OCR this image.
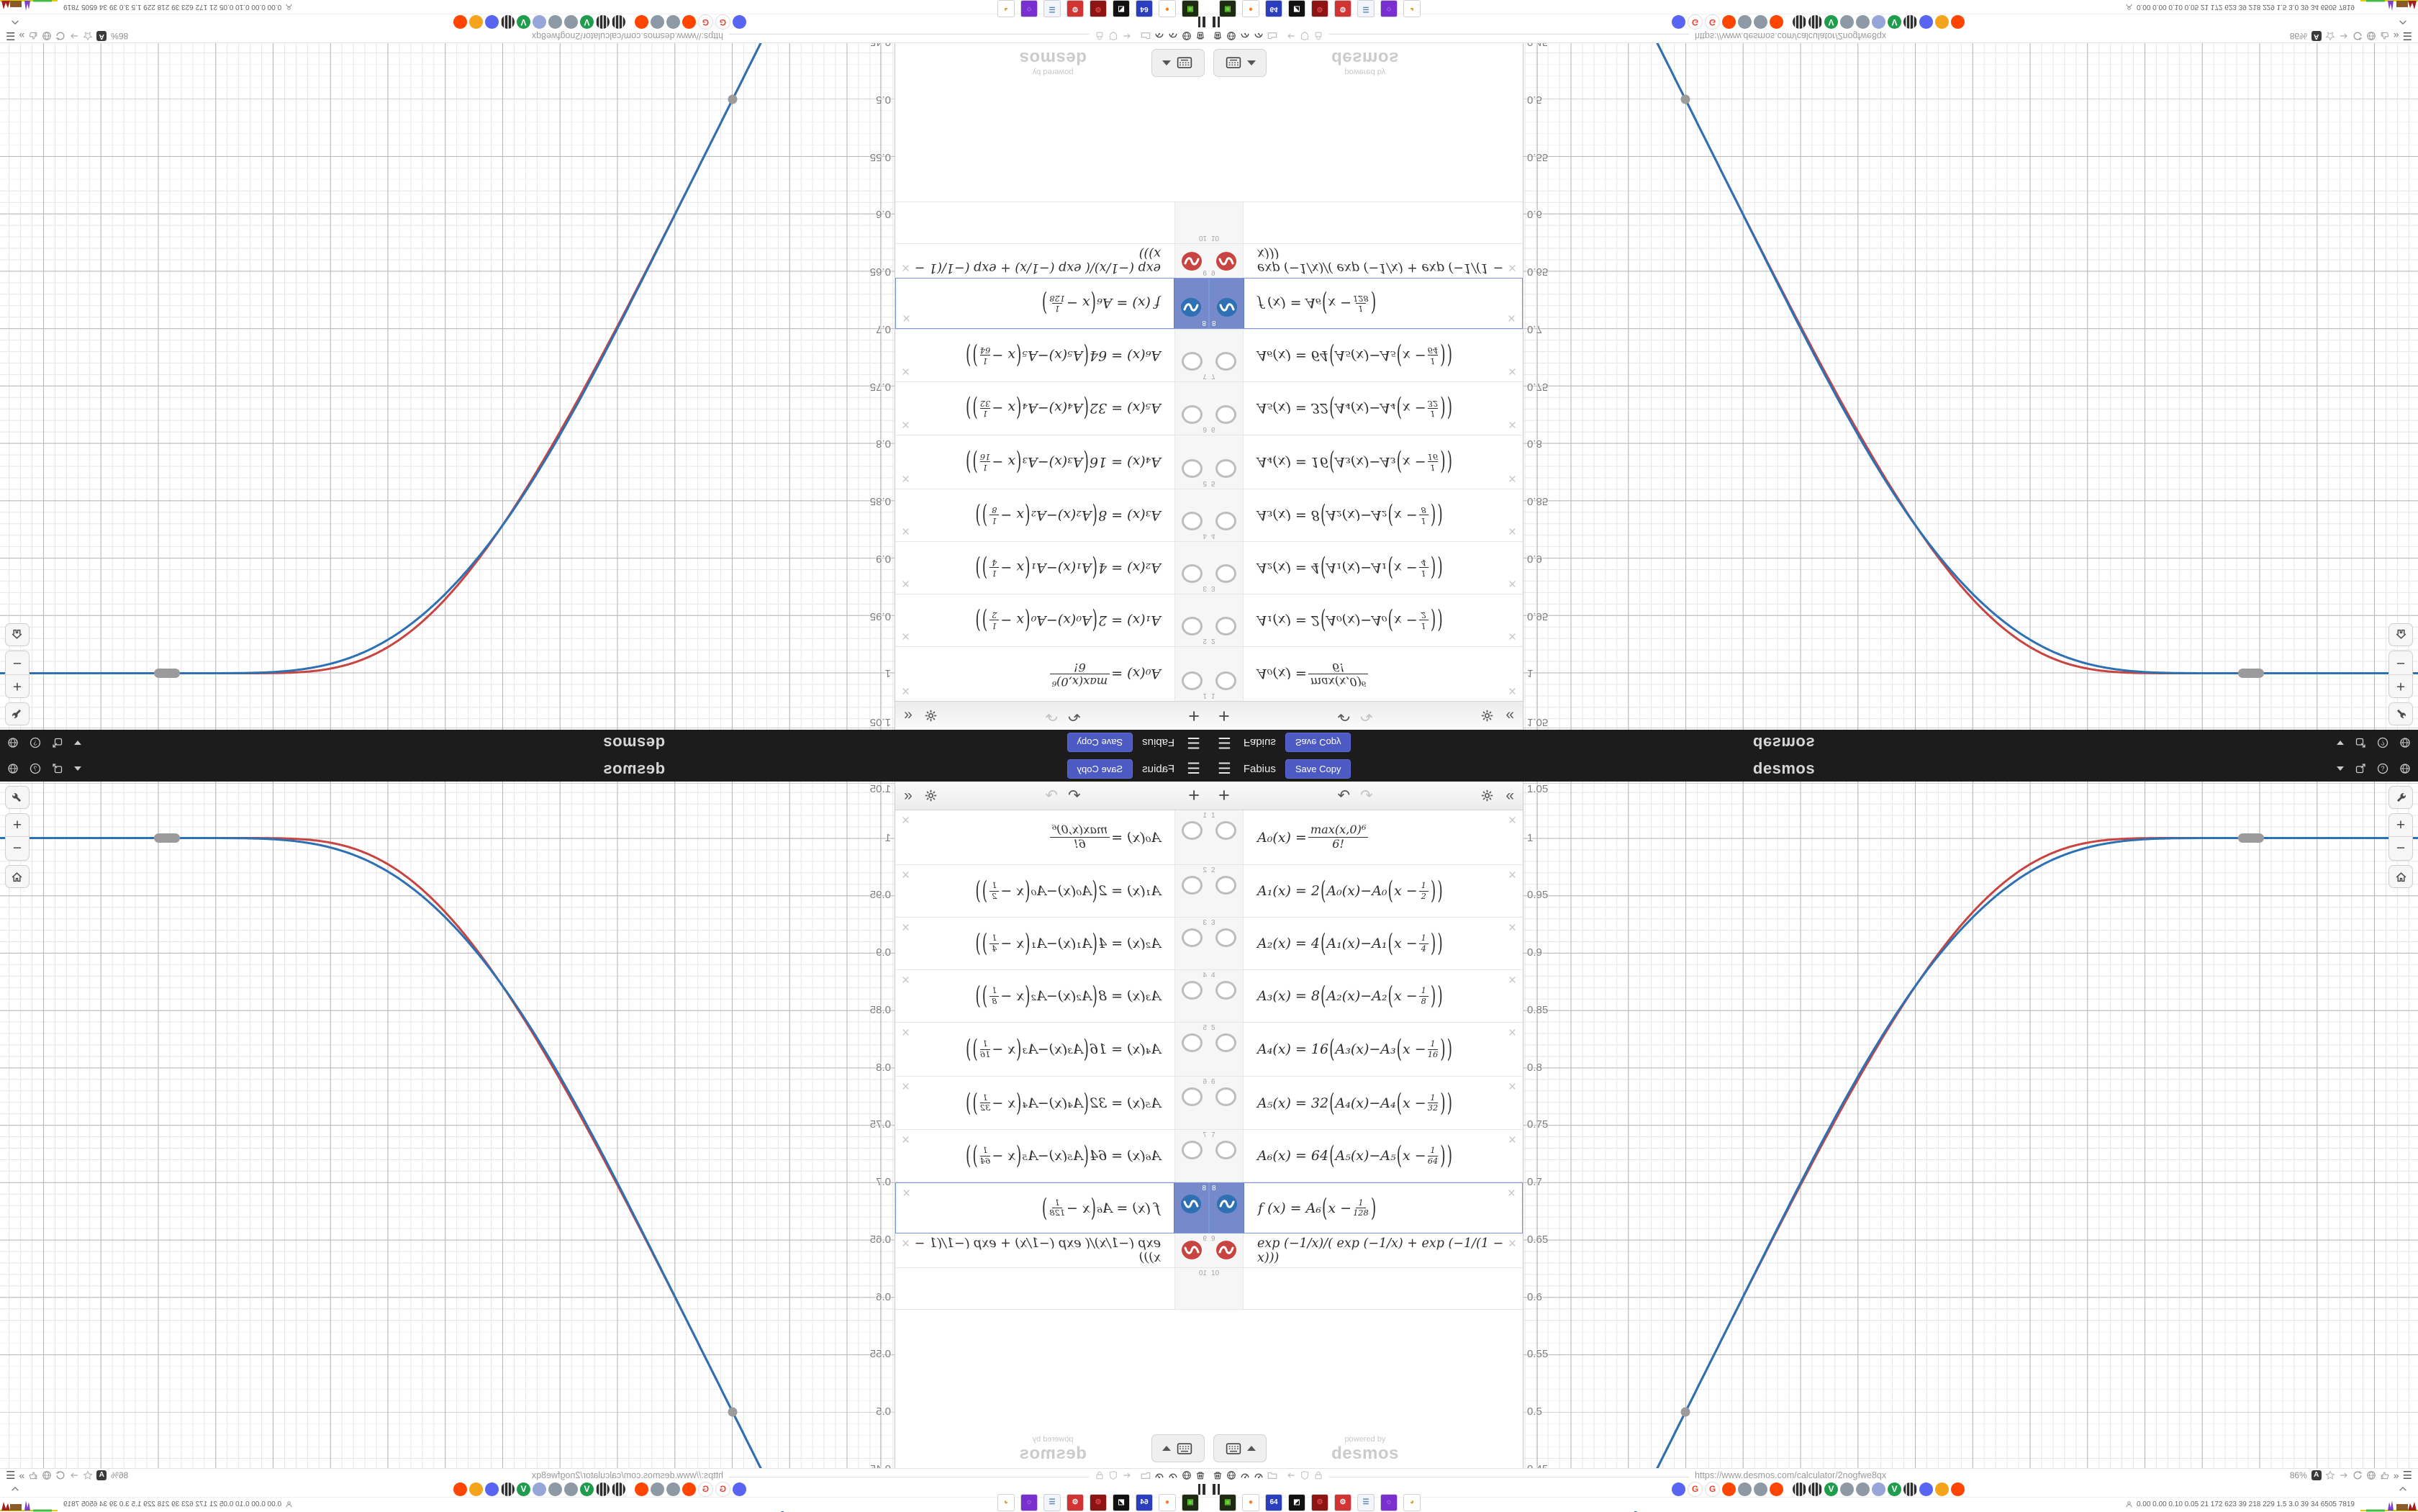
☰ Fabius	Save Copy	desmos	?
+	↶ ↷	«
1
A₀(x) = max(x,0)⁶
6!
×
2
A₁(x) = 2 ( A₀(x)−A₀ ( x − 1
2 ) )
×
3
A₂(x) = 4 ( A₁(x)−A₁ ( x − 1
4 ) )
×
4
A₃(x) = 8 ( A₂(x)−A₂ ( x − 1
8 ) )
×
5
A₄(x) = 16 ( A₃(x)−A₃ ( x − 1
16 ) )
×
6
A₅(x) = 32 ( A₄(x)−A₄ ( x − 1
32 ) )
×
7
A₆(x) = 64 ( A₅(x)−A₅ ( x − 1
64 ) )
×
8
f (x) = A₆ ( x − 1
128 )
×
9	exp (−1/x)/( exp (−1/x) + exp (−1/(1 − x)))
×
10
powered by
desmos
1.05
1
0.95
0.9
0.85
0.8
0.75
0.7
0.65
0.6
0.55
0.5
+
−
https://www.desmos.com/calculator/2nogfwe8qx	86% A	» ☰
G	G	V	V
▣	●	64	◩	⚙	⚙	☰	◌	◕	0.00 0.00 0.10 0.05 21 172 623 39 218 229 1.5 3.0 39 34 6505 7819
☰
Fabius
Save Copy
desmos
?
+
↶
↷
«
1
A₀(x) =
max(x,0)⁶
6!
×
2
A₁(x) = 2
(
A₀(x)−A₀
(
x −
1
2
)
)
×
3
A₂(x) = 4
(
A₁(x)−A₁
(
x −
1
4
)
)
×
4
A₃(x) = 8
(
A₂(x)−A₂
(
x −
1
8
)
)
×
5
A₄(x) = 16
(
A₃(x)−A₃
(
x −
1
16
)
)
×
6
A₅(x) = 32
(
A₄(x)−A₄
(
x −
1
32
)
)
×
7
A₆(x) = 64
(
A₅(x)−A₅
(
x −
1
64
)
)
×
8
f (x) = A₆
(
x −
1
128
)
×
9
exp (−1/x)/( exp (−1/x) + exp (−1/(1 − x)))
×
10
powered by
desmos
1.05
1
0.95
0.9
0.85
0.8
0.75
0.7
0.65
0.6
0.55
0.5
+
−
https://www.desmos.com/calculator/2nogfwe8qx
86%
A
»
☰
G
G
V
V
▣
●
64
◩
⚙
⚙
☰
◌
◕
0.00 0.00 0.10 0.05 21 172 623 39 218 229 1.5 3.0 39 34 6505 7819
☰ Fabius	Save Copy	desmos	?
+	↶ ↷	«
1
A₀(x) = max(x,0)⁶
6!
×
2
A₁(x) = 2 ( A₀(x)−A₀ ( x − 1
2 ) )
×
3
A₂(x) = 4 ( A₁(x)−A₁ ( x − 1
4 ) )
×
4
A₃(x) = 8 ( A₂(x)−A₂ ( x − 1
8 ) )
×
5
A₄(x) = 16 ( A₃(x)−A₃ ( x − 1
16 ) )
×
6
A₅(x) = 32 ( A₄(x)−A₄ ( x − 1
32 ) )
×
7
A₆(x) = 64 ( A₅(x)−A₅ ( x − 1
64 ) )
×
8
f (x) = A₆ ( x − 1
128 )
×
9	exp (−1/x)/( exp (−1/x) + exp (−1/(1 − x)))
×
10
powered by
desmos
1.05
1
0.95
0.9
0.85
0.8
0.75
0.7
0.65
0.6
0.55
0.5
+
−
https://www.desmos.com/calculator/2nogfwe8qx	86% A	» ☰
G	G	V	V
▣	●	64	◩	⚙	⚙	☰	◌	◕	0.00 0.00 0.10 0.05 21 172 623 39 218 229 1.5 3.0 39 34 6505 7819
☰
Fabius
Save Copy
desmos
?
+
↶
↷
«
1
A₀(x) =
max(x,0)⁶
6!
×
2
A₁(x) = 2
(
A₀(x)−A₀
(
x −
1
2
)
)
×
3
A₂(x) = 4
(
A₁(x)−A₁
(
x −
1
4
)
)
×
4
A₃(x) = 8
(
A₂(x)−A₂
(
x −
1
8
)
)
×
5
A₄(x) = 16
(
A₃(x)−A₃
(
x −
1
16
)
)
×
6
A₅(x) = 32
(
A₄(x)−A₄
(
x −
1
32
)
)
×
7
A₆(x) = 64
(
A₅(x)−A₅
(
x −
1
64
)
)
×
8
f (x) = A₆
(
x −
1
128
)
×
9
exp (−1/x)/( exp (−1/x) + exp (−1/(1 − x)))
×
10
powered by
desmos
1.05
1
0.95
0.9
0.85
0.8
0.75
0.7
0.65
0.6
0.55
0.5
+
−
https://www.desmos.com/calculator/2nogfwe8qx
86%
A
»
☰
G
G
V
V
▣
●
64
◩
⚙
⚙
☰
◌
◕
0.00 0.00 0.10 0.05 21 172 623 39 218 229 1.5 3.0 39 34 6505 7819
